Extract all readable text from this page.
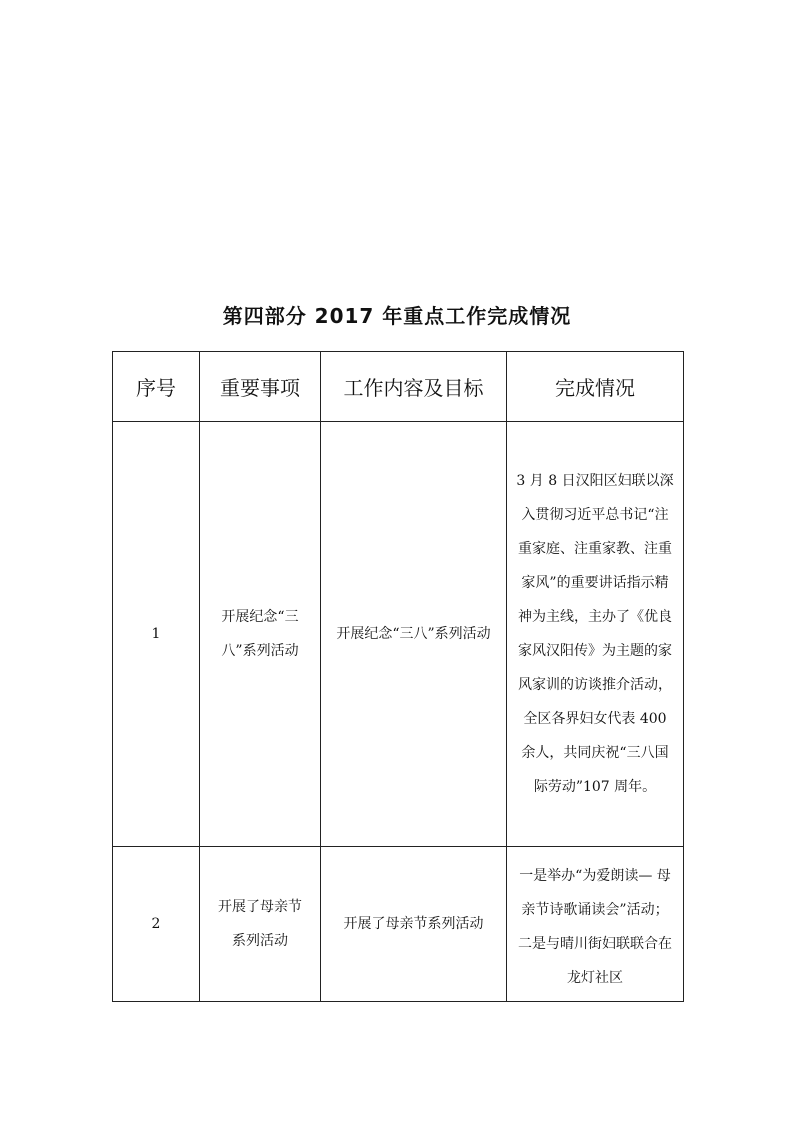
第四部分 2017 年重点工作完成情况
序号	重要事项	工作内容及目标	完成情况
1	开展纪念“三八”系列活动	开展纪念“三八”系列活动	3 月 8 日汉阳区妇联以深入贯彻习近平总书记“注重家庭、注重家教、注重家风”的重要讲话指示精神为主线，主办了《优良家风汉阳传》为主题的家风家训的访谈推介活动，全区各界妇女代表 400 余人，共同庆祝“三八国际劳动”107 周年。
2	开展了母亲节系列活动	开展了母亲节系列活动	一是举办“为爱朗读— 母亲节诗歌诵读会”活动；二是与晴川街妇联联合在龙灯社区
